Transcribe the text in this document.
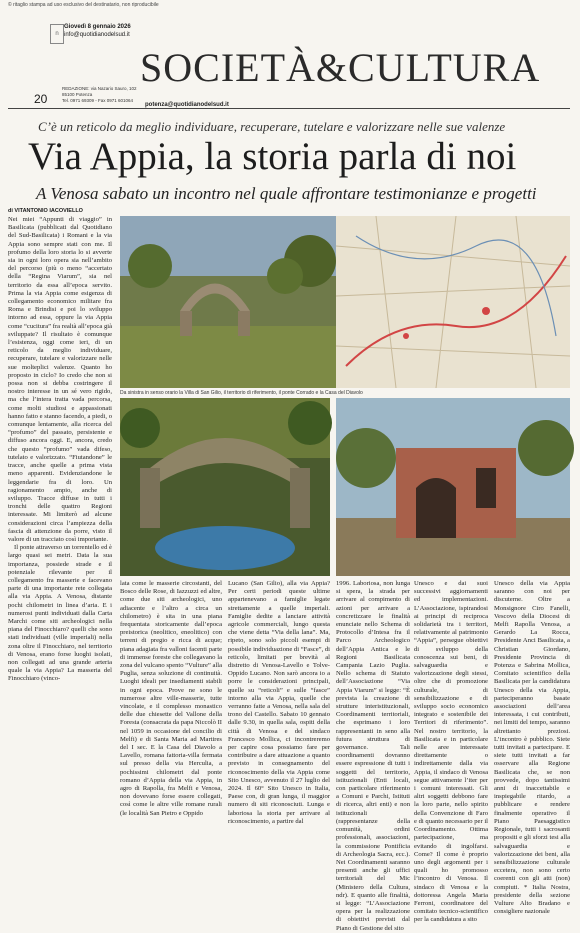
© ritaglio stampa ad uso esclusivo del destinatario, non riproducibile
n
Giovedì 8 gennaio 2026
info@quotidianodelsud.it
SOCIETÀ&CULTURA
20
REDAZIONE: via Nazario Sauro, 102
85100 Potenza
Tel. 0971 69309 - Fax 0971 601064
potenza@quotidianodelsud.it
C’è un reticolo da meglio individuare, recuperare, tutelare e valorizzare nelle sue valenze
Via Appia, la storia parla di noi
A Venosa sabato un incontro nel quale affrontare testimonianze e progetti
di VITANTONIO IACOVIELLO
Da sinistra in senso orario la Villa di San Gilio, il territorio di riferimento, il ponte Corrado e la Casa del Diavolo

Nei miei “Appunti di viaggio” in Basilicata (pubblicati dal Quotidiano del Sud-Basilicata) i Romani e la via Appia sono sempre stati con me. Il profumo della loro storia lo si avverte sia in ogni loro opera sia nell’ambito del percorso (più o meno “accertato della “Regina Viarum”, sia nel territorio da essa all’epoca servito. Prima la via Appia come esigenza di collegamento economico militare fra Roma e Brindisi e poi lo sviluppo intorno ad essa, oppure la via Appia come “cucitura” fra realtà all’epoca già sviluppate? Il risultato è comunque l’esistenza, oggi come ieri, di un reticolo da meglio individuare, recuperare, tutelare e valorizzare nelle sue molteplici valenze. Quanto ho proposto in ciclo? Io credo che non si possa non si debba costringere il nostro interesse in un sé vero rigido, ma che l’intera tratta vada percorsa, come molti studiosi e appassionati hanno fatto e stanno facendo, a piedi, o comunque lentamente, alla ricerca del “profumo” del passato, persistente e diffuso ancora oggi. E, ancora, credo che questo “profumo” vada difeso, tutelato e valorizzato. “Fiutandone” le tracce, anche quelle a prima vista meno apparenti. Evidenziandone le leggendarie fra di loro. Un ragionamento ampio, anche di sviluppo. Tracce diffuse in tutti i tronchi delle quattro Regioni interessate. Mi limiterò ad alcune considerazioni circa l’ampiezza della fascia di attenzione da porre, visto il valore di un tracciato così importante.

Il ponte attraverso un torrentello ed è largo quasi sei metri. Data la sua importanza, possiede strade e il potenziale rilevante per il collegamento fra masserie e facevano parte di una importante rete collegata alla via Appia. A Venosa, distante pochi chilometri in linea d’aria. E i numerosi punti individuati dalla Carta Marchi come siti archeologici nella piana del Finocchiaro? quelli che sono stati individuati (ville imperiali) nella zona oltre il Finocchiaro, nel territorio di Venosa, erano forse luoghi isolati, non collegati ad una grande arteria quale la via Appia? La masseria del Finocchiaro (vinco-

lata come le masserie circostanti, del Bosco delle Rose, di Iazzuzzi ed altre, come due siti archeologici, uno adiacente e l’altro a circa un chilometro) è sita in una piana frequentata storicamente dall’epoca preistorica (neolitico, eneolitico) con terreni di pregio e ricca di acque; piana adagiata fra valloni facenti parte di immense foreste che collegavano la zona del vulcano spento “Vulture” alla Puglia, senza soluzione di continuità. Luoghi ideali per insediamenti stabili in ogni epoca. Prove ne sono le numerose altre ville-masserie, tutte vincolate, e il complesso monastico delle due chiesette del Vallone della Foresta (consacrata da papa Niccolò II nel 1059 in occasione del concilio di Melfi) e di Santa Maria ad Martires del I sec. E la Casa del Diavolo a Lavello, romana fattoria-villa fermata sul presso della via Herculia, a pochissimi chilometri dal ponte romano d’Appia della via Appia, in agro di Rapolla, fra Melfi e Venosa, non dovevano forse essere collegati, così come le altre ville romane rurali (le località San Pietro e Oppido

Lucano (San Gilio), alla via Appia? Per certi periodi queste ultime appartenevano a famiglie legate strettamente a quelle imperiali. Famiglie dedite a lanciare attività agricole commerciali, lungo questa che viene detta “Via della lana”. Ma, ripeto, sono solo piccoli esempi di possibile individuazione di “Fasce”, di reticolo, limitati per brevità al distretto di Venosa-Lavello e Tolve-Oppido Lucano. Non sarò ancora io a porre le considerazioni principali, quelle su “reticoli” e sulle “fasce” intorno alla via Appia, quelle che verranno fatte a Venosa, nella sala del trono del Castello. Sabato 10 gennaio dalle 9.30, in quella sala, ospiti della città di Venosa e del sindaco Francesco Mollica, ci incontreremo per capire cosa possiamo fare per contribuire a dare attuazione a quanto previsto in consegnamento del riconoscimento della via Appia come Sito Unesco, avvenuto il 27 luglio del 2024. Il 60° Sito Unesco in Italia, Paese con, di gran lunga, il maggior numero di siti riconosciuti. Lunga e laboriosa la storia per arrivare al riconoscimento, a partire dal

1996. Laboriosa, non lunga si spera, la strada per arrivare al compimento di azioni per arrivare a concretizzare le finalità enunciate nello Schema di Protocollo d’Intesa fra il Parco Archeologico dell’Appia Antica e le Regioni Basilicata Campania Lazio Puglia. Nello schema di Statuto dell’Associazione “Via Appia Viarum” si legge: “È prevista la creazione di strutture interistituzionali, Coordinamenti territoriali, che esprimano i loro rappresentanti in seno alla futura struttura di governance. Tali coordinamenti dovranno essere espressione di tutti i soggetti del territorio, istituzionali (Enti locali, con particolare riferimento a Comuni e Parchi, Istituti di ricerca, altri enti) e non istituzionali (rappresentanze della comunità, ordini professionali, associazioni, la commissione Pontificia di Archeologia Sacra, ecc.). Nei Coordinamenti saranno presenti anche gli uffici territoriali del Mic (Ministero della Cultura, ndr). E quanto alle finalità, si legge: “L’Associazione opera per la realizzazione di obiettivi previsti dal Piano di Gestione del sito

Unesco e dai suoi successivi aggiornamenti ed implementazioni. L’Associazione, ispirandosi ai principi di reciproca solidarietà tra i territori, relativamente al patrimonio “Appia”, persegue obiettivi di sviluppo della conoscenza sui beni, di salvaguardia e valorizzazione degli stessi, oltre che di promozione culturale, di sensibilizzazione e di sviluppo socio economico integrato e sostenibile dei Territori di riferimento”. Nel nostro territorio, la Basilicata e in particolare nelle aree interessate direttamente o indirettamente dalla via Appia, il sindaco di Venosa segue attivamente l’iter per i comuni interessati. Gli altri soggetti debbono fare la loro parte, nello spirito della Convenzione di Faro e di quanto necessario per il Coordinamento. Ottima partecipazione, ma evitando di ingolfarsi. Come? Il come è proprio uno degli argomenti per i quali ho promosso l’incontro di Venosa. Il sindaco di Venosa e la dottoressa Angela Maria Ferroni, coordinatore del comitato tecnico-scientifico per la candidatura a sito

Unesco della via Appia saranno con noi per discuterne. Oltre a Monsignore Ciro Fanelli, Vescovo della Diocesi di Melfi Rapolla Venosa, a Gerardo La Rocca, Presidente Anci Basilicata, a Christian Giordano, Presidente Provincia di Potenza e Sabrina Mollica, Comitato scientifico della Basilicata per la candidatura Unesco della via Appia, parteciperanno basate associazioni dell’area interessata, i cui contributi, nei limiti del tempo, saranno altrettanto preziosi. L’incontro è pubblico. Siete tutti invitati a partecipare. E siete tutti invitati a far osservare alla Regione Basilicata che, se non provvede, dopo tantissimi anni di inaccettabile e inspiegabile ritardo, a pubblicare e rendere finalmente operativo il Piano Paesaggistico Regionale, tutti i sacrosanti propositi e gli sforzi tesi alla salvaguardia e valorizzazione dei beni, alla sensibilizzazione culturale eccetera, non sono certo coerenti con gli atti (non) compiuti. * Italia Nostra, presidente della sezione Vulture Alto Bradano e consigliere nazionale
